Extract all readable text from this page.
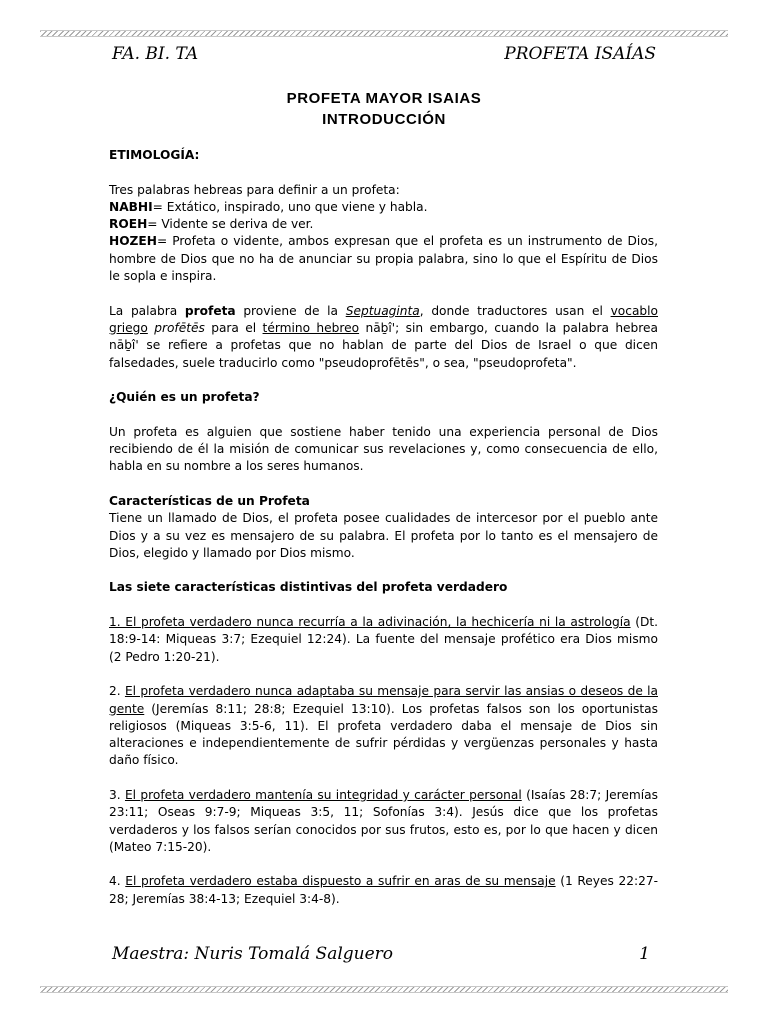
FA. BI. TA	PROFETA ISAÍAS
PROFETA MAYOR ISAIAS
INTRODUCCIÓN

ETIMOLOGÍA:

Tres palabras hebreas para definir a un profeta:
NABHI= Extático, inspirado, uno que viene y habla.
ROEH= Vidente se deriva de ver.
HOZEH= Profeta o vidente, ambos expresan que el profeta es un instrumento de Dios, hombre de Dios que no ha de anunciar su propia palabra, sino lo que el Espíritu de Dios le sopla e inspira.

La palabra profeta proviene de la Septuaginta, donde traductores usan el vocablo griego profētēs para el término hebreo nāḇî'; sin embargo, cuando la palabra hebrea nāḇî' se refiere a profetas que no hablan de parte del Dios de Israel o que dicen falsedades, suele traducirlo como "pseudoprofētēs", o sea, "pseudoprofeta".

¿Quién es un profeta?

Un profeta es alguien que sostiene haber tenido una experiencia personal de Dios recibiendo de él la misión de comunicar sus revelaciones y, como consecuencia de ello, habla en su nombre a los seres humanos.

Características de un Profeta
Tiene un llamado de Dios, el profeta posee cualidades de intercesor por el pueblo ante Dios y a su vez es mensajero de su palabra. El profeta por lo tanto es el mensajero de Dios, elegido y llamado por Dios mismo.

Las siete características distintivas del profeta verdadero

1. El profeta verdadero nunca recurría a la adivinación, la hechicería ni la astrología (Dt. 18:9-14: Miqueas 3:7; Ezequiel 12:24). La fuente del mensaje profético era Dios mismo (2 Pedro 1:20-21).

2. El profeta verdadero nunca adaptaba su mensaje para servir las ansias o deseos de la gente (Jeremías 8:11; 28:8; Ezequiel 13:10). Los profetas falsos son los oportunistas religiosos (Miqueas 3:5-6, 11). El profeta verdadero daba el mensaje de Dios sin alteraciones e independientemente de sufrir pérdidas y vergüenzas personales y hasta daño físico.

3. El profeta verdadero mantenía su integridad y carácter personal (Isaías 28:7; Jeremías 23:11; Oseas 9:7-9; Miqueas 3:5, 11; Sofonías 3:4). Jesús dice que los profetas verdaderos y los falsos serían conocidos por sus frutos, esto es, por lo que hacen y dicen (Mateo 7:15-20).

4. El profeta verdadero estaba dispuesto a sufrir en aras de su mensaje (1 Reyes 22:27-28; Jeremías 38:4-13; Ezequiel 3:4-8).

Maestra: Nuris Tomalá Salguero	1
